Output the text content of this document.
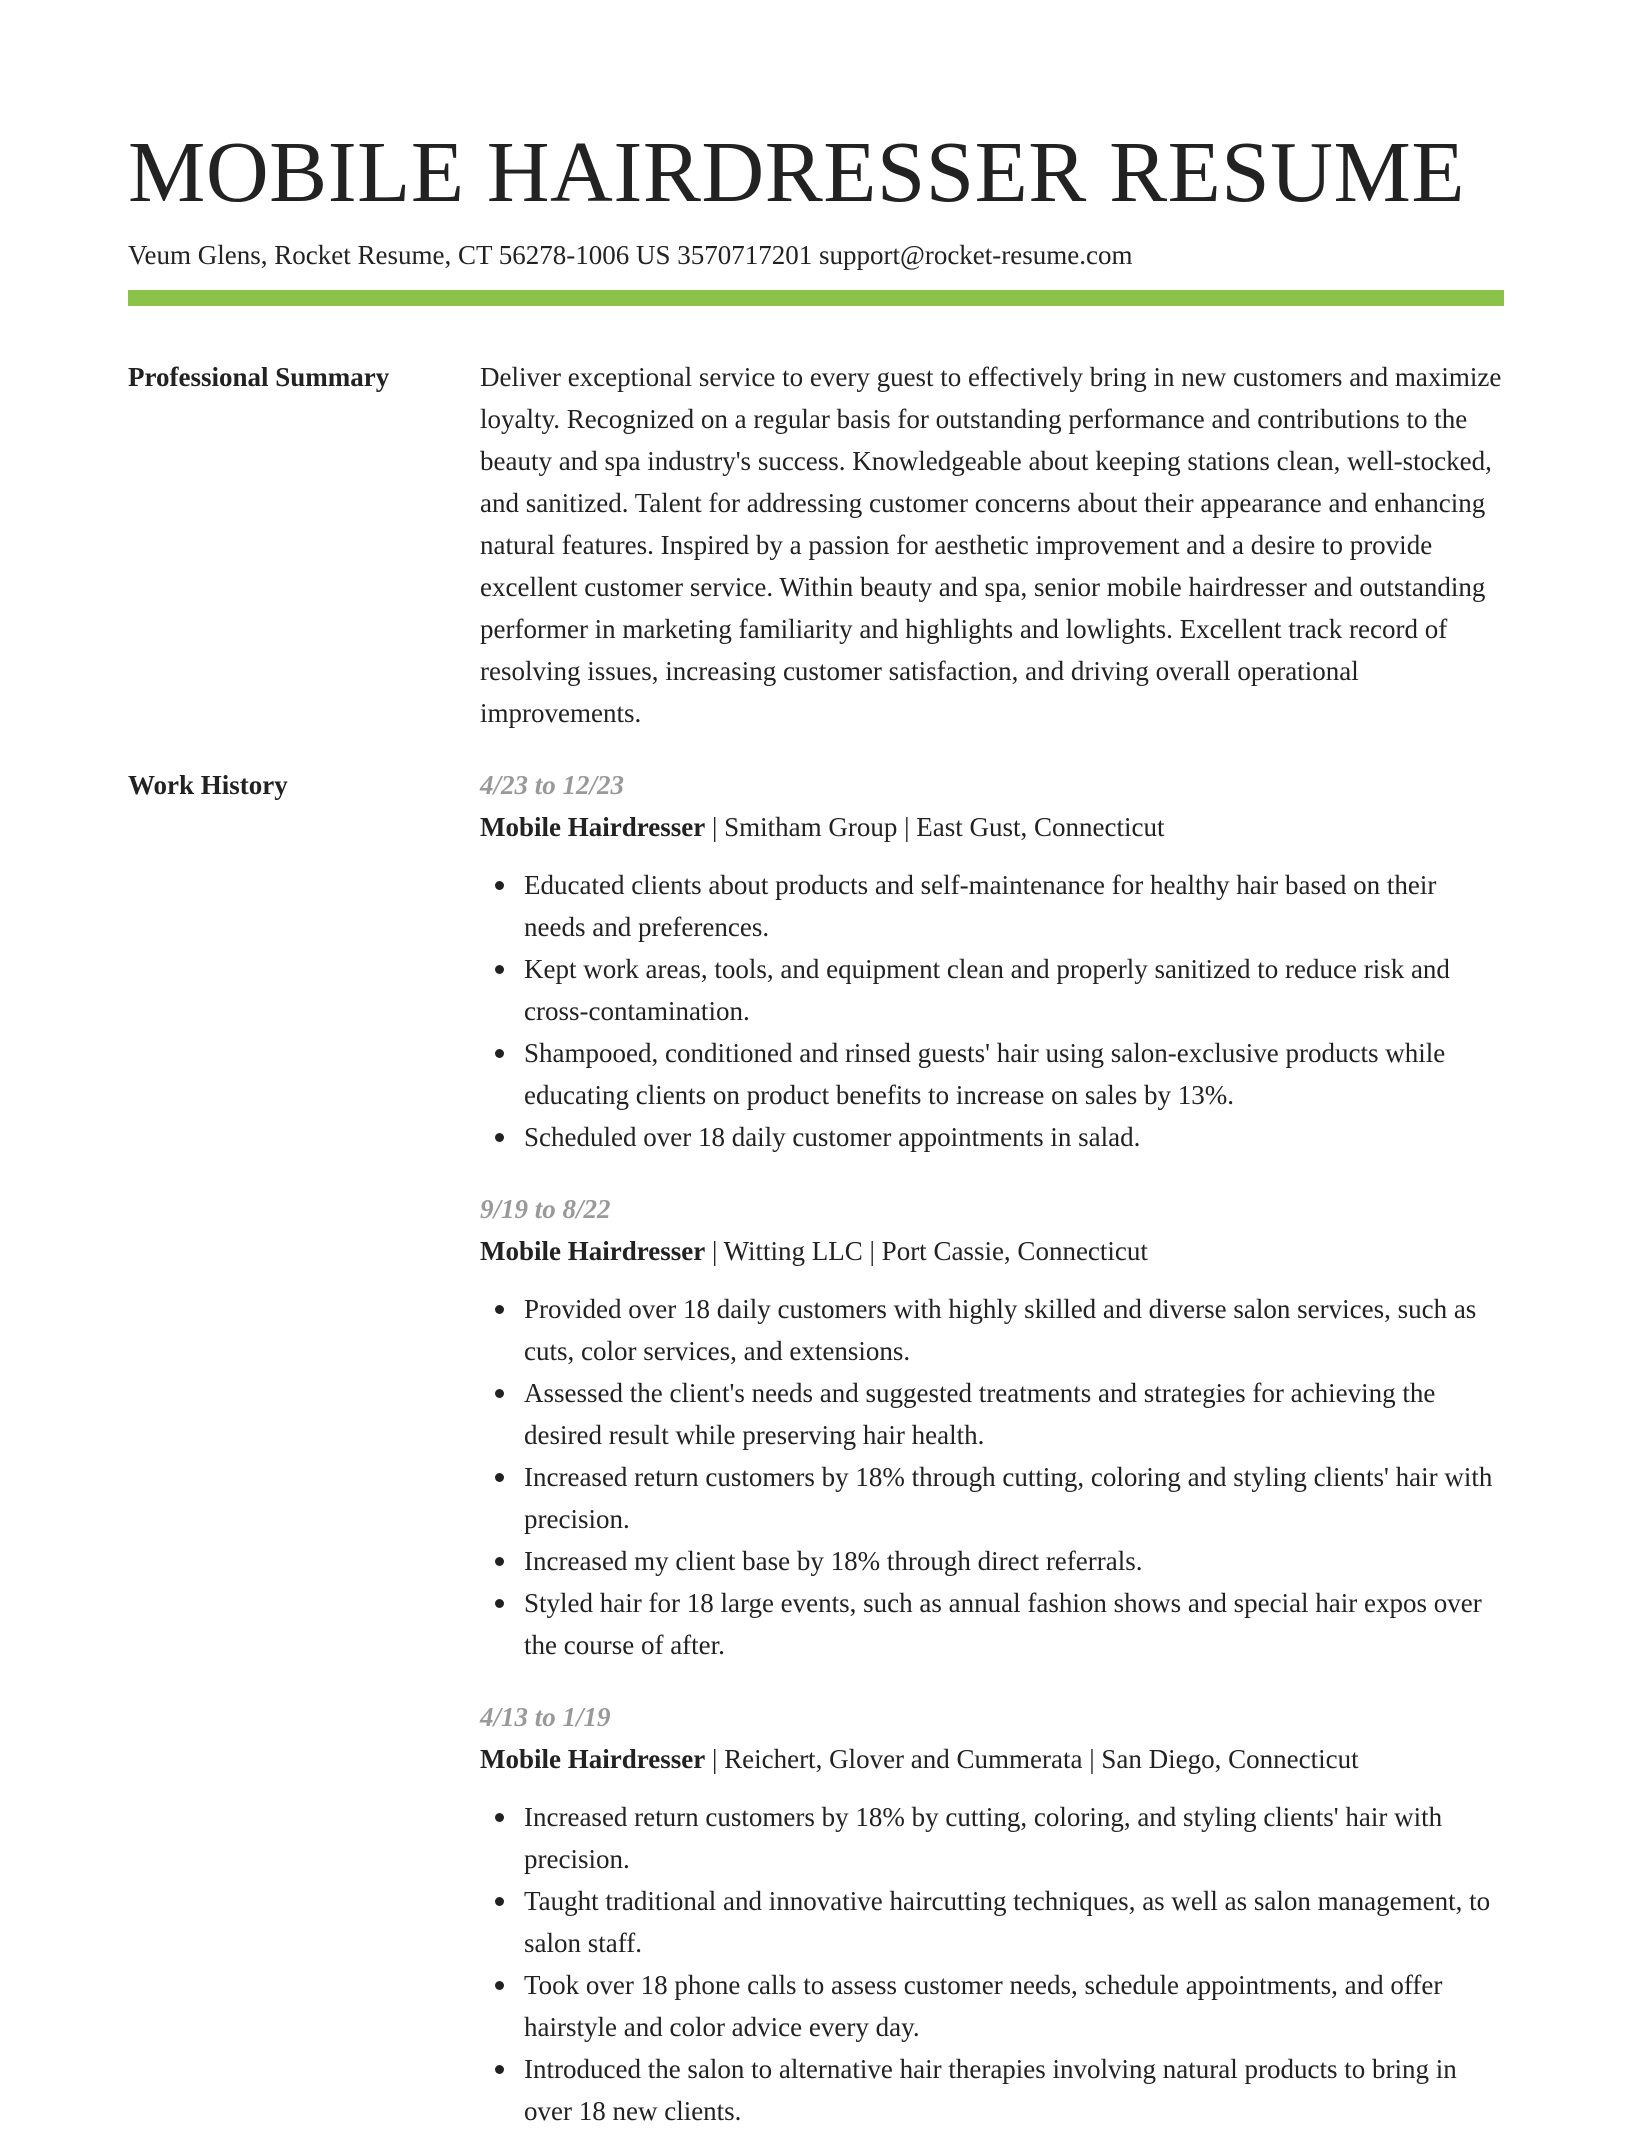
MOBILE HAIRDRESSER RESUME
Veum Glens, Rocket Resume, CT 56278-1006 US 3570717201 support@rocket-resume.com
Professional Summary	Deliver exceptional service to every guest to effectively bring in new customers and maximize loyalty. Recognized on a regular basis for outstanding performance and contributions to the beauty and spa industry's success. Knowledgeable about keeping stations clean, well-stocked, and sanitized. Talent for addressing customer concerns about their appearance and enhancing natural features. Inspired by a passion for aesthetic improvement and a desire to provide excellent customer service. Within beauty and spa, senior mobile hairdresser and outstanding performer in marketing familiarity and highlights and lowlights. Excellent track record of resolving issues, increasing customer satisfaction, and driving overall operational improvements.

Work History	4/23 to 12/23
Mobile Hairdresser | Smitham Group | East Gust, Connecticut
Educated clients about products and self-maintenance for healthy hair based on their needs and preferences.
Kept work areas, tools, and equipment clean and properly sanitized to reduce risk and cross-contamination.
Shampooed, conditioned and rinsed guests' hair using salon-exclusive products while educating clients on product benefits to increase on sales by 13%.
Scheduled over 18 daily customer appointments in salad.
9/19 to 8/22
Mobile Hairdresser | Witting LLC | Port Cassie, Connecticut
Provided over 18 daily customers with highly skilled and diverse salon services, such as cuts, color services, and extensions.
Assessed the client's needs and suggested treatments and strategies for achieving the desired result while preserving hair health.
Increased return customers by 18% through cutting, coloring and styling clients' hair with precision.
Increased my client base by 18% through direct referrals.
Styled hair for 18 large events, such as annual fashion shows and special hair expos over the course of after.
4/13 to 1/19
Mobile Hairdresser | Reichert, Glover and Cummerata | San Diego, Connecticut
Increased return customers by 18% by cutting, coloring, and styling clients' hair with precision.
Taught traditional and innovative haircutting techniques, as well as salon management, to salon staff.
Took over 18 phone calls to assess customer needs, schedule appointments, and offer hairstyle and color advice every day.
Introduced the salon to alternative hair therapies involving natural products to bring in over 18 new clients.
